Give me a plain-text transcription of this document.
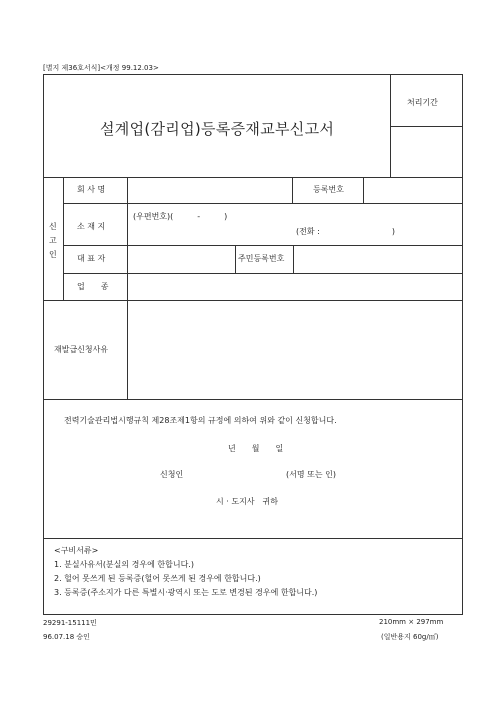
[별지 제36호서식]<개정 99.12.03>
설계업(감리업)등록증재교부신고서
처리기간
신
고
인
회 사 명	등록번호
소 재 지
(우편번호)(　　　-　　　)
(전화 :　　　　　　　　　)
대 표 자	주민등록번호
업　　종
재발급신청사유
전력기술관리법시행규칙 제28조제1항의 규정에 의하여 위와 같이 신청합니다.
년　　월　　일
신청인	(서명 또는 인)
시 · 도지사　귀하
<구비서류>
1. 분실사유서(분실의 경우에 한합니다.)
2. 헐어 못쓰게 된 등록증(헐어 못쓰게 된 경우에 한합니다.)
3. 등록증(주소지가 다른 특별시·광역시 또는 도로 변경된 경우에 한합니다.)
29291-15111민
96.07.18 승인
210mm × 297mm
(일반용지 60g/㎡)
